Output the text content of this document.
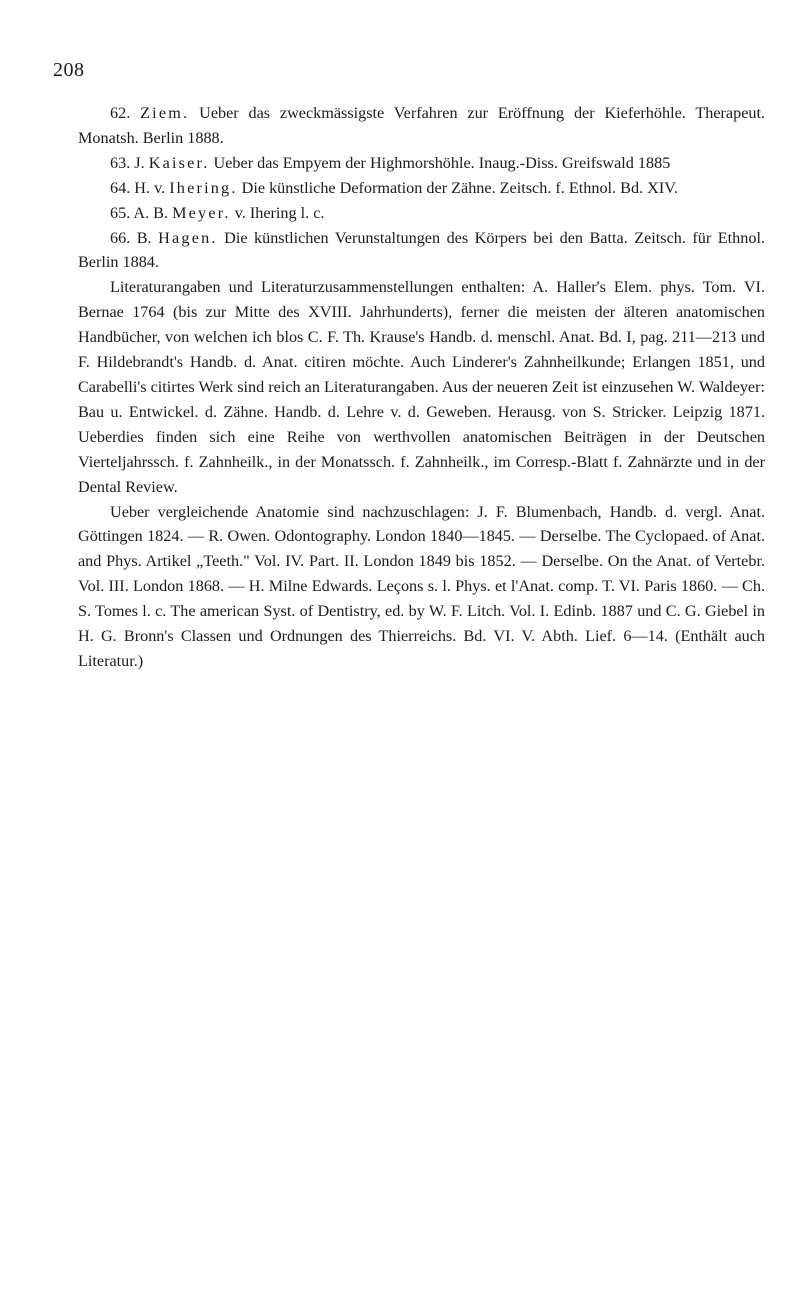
208

62. Ziem. Ueber das zweckmässigste Verfahren zur Eröffnung der Kieferhöhle. Therapeut. Monatsh. Berlin 1888.

63. J. Kaiser. Ueber das Empyem der Highmorshöhle. Inaug.-Diss. Greifswald 1885

64. H. v. Ihering. Die künstliche Deformation der Zähne. Zeitsch. f. Ethnol. Bd. XIV.

65. A. B. Meyer. v. Ihering l. c.

66. B. Hagen. Die künstlichen Verunstaltungen des Körpers bei den Batta. Zeitsch. für Ethnol. Berlin 1884.

Literaturangaben und Literaturzusammenstellungen enthalten: A. Haller's Elem. phys. Tom. VI. Bernae 1764 (bis zur Mitte des XVIII. Jahrhunderts), ferner die meisten der älteren anatomischen Handbücher, von welchen ich blos C. F. Th. Krause's Handb. d. menschl. Anat. Bd. I, pag. 211—213 und F. Hildebrandt's Handb. d. Anat. citiren möchte. Auch Linderer's Zahnheilkunde; Erlangen 1851, und Carabelli's citirtes Werk sind reich an Literaturangaben. Aus der neueren Zeit ist einzusehen W. Waldeyer: Bau u. Entwickel. d. Zähne. Handb. d. Lehre v. d. Geweben. Herausg. von S. Stricker. Leipzig 1871. Ueberdies finden sich eine Reihe von werthvollen anatomischen Beiträgen in der Deutschen Vierteljahrssch. f. Zahnheilk., in der Monatssch. f. Zahnheilk., im Corresp.-Blatt f. Zahnärzte und in der Dental Review.

Ueber vergleichende Anatomie sind nachzuschlagen: J. F. Blumenbach, Handb. d. vergl. Anat. Göttingen 1824. — R. Owen. Odontography. London 1840—1845. — Derselbe. The Cyclopaed. of Anat. and Phys. Artikel „Teeth." Vol. IV. Part. II. London 1849 bis 1852. — Derselbe. On the Anat. of Vertebr. Vol. III. London 1868. — H. Milne Edwards. Leçons s. l. Phys. et l'Anat. comp. T. VI. Paris 1860. — Ch. S. Tomes l. c. The american Syst. of Dentistry, ed. by W. F. Litch. Vol. I. Edinb. 1887 und C. G. Giebel in H. G. Bronn's Classen und Ordnungen des Thierreichs. Bd. VI. V. Abth. Lief. 6—14. (Enthält auch Literatur.)
